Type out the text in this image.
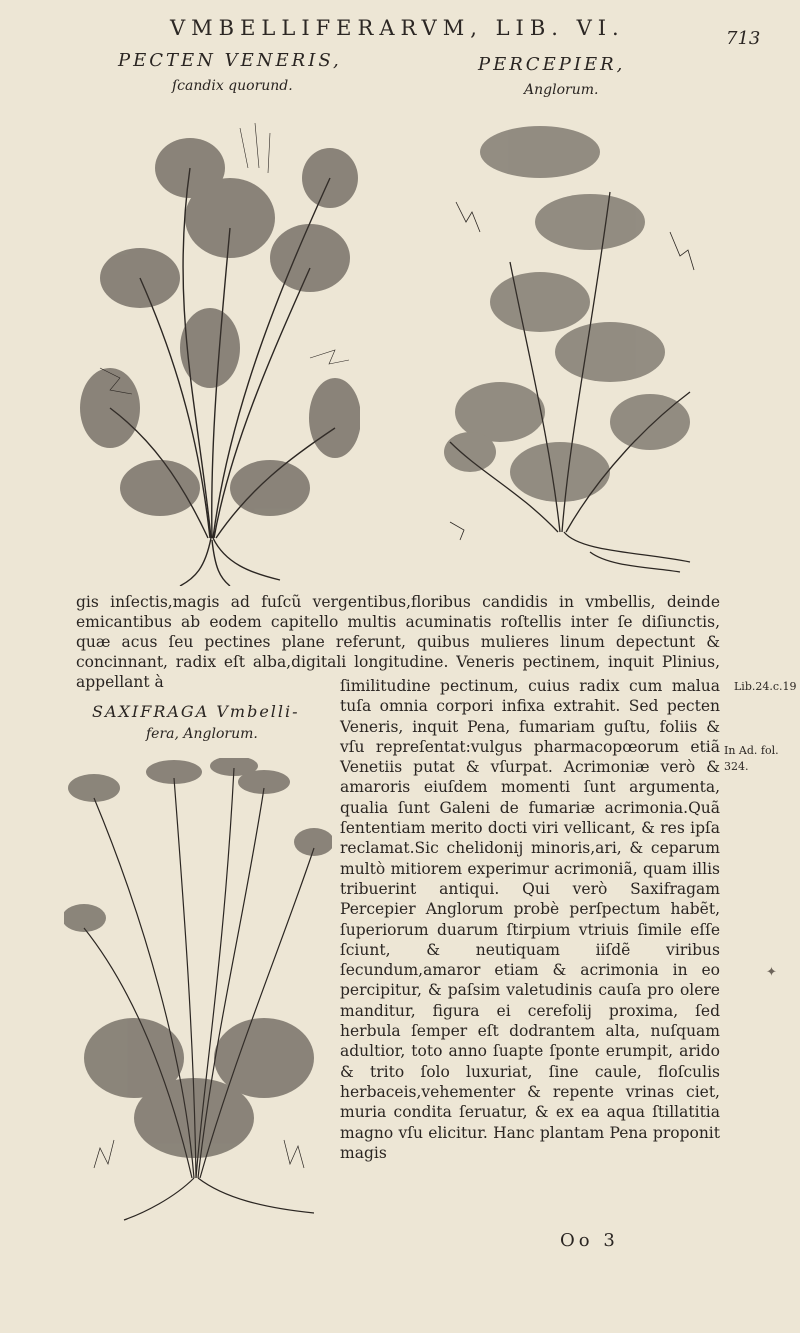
VMBELLIFERARVM, LIB. VI.	713
PECTEN VENERIS,
ſcandix quorund.
PERCEPIER,
Anglorum.

gis inſectis,magis ad fuſcũ vergentibus,floribus candidis in vmbellis, deinde emicantibus ab eodem capitello multis acuminatis roſtellis inter ſe diſiunctis, quæ acus ſeu pectines plane referunt, quibus mulieres linum depectunt & concinnant, radix eſt alba,digitali longitudine. Veneris pectinem, inquit Plinius, appellant à

SAXIFRAGA Vmbelli-
fera, Anglorum.

ſimilitudine pectinum, cuius radix cum malua tuſa omnia corpori infixa extrahit. Sed pecten Veneris, inquit Pena, fumariam guſtu, foliis & vſu repreſentat:vulgus pharmacopœorum etiã Venetiis putat & vſurpat. Acrimoniæ verò & amaroris eiuſdem momenti ſunt argumenta, qualia ſunt Galeni de fumariæ acrimonia.Quã ſententiam merito docti viri vellicant, & res ipſa reclamat.Sic chelidonij minoris,ari, & ceparum multò mitiorem experimur acrimoniã, quam illis tribuerint antiqui. Qui verò Saxifragam Percepier Anglorum probè perſpectum habẽt, ſuperiorum duarum ſtirpium vtriuis ſimile eſſe ſciunt, & neutiquam iiſdẽ viribus ſecundum,amaror etiam & acrimonia in eo percipitur, & paſsim valetudinis cauſa pro olere manditur, figura ei cerefolij proxima, ſed herbula ſemper eſt dodrantem alta, nuſquam adultior, toto anno ſuapte ſponte erumpit, arido & trito ſolo luxuriat, ſine caule, floſculis herbaceis,vehementer & repente vrinas ciet, muria condita ſeruatur, & ex ea aqua ſtillatitia magno vſu elicitur. Hanc plantam Pena proponit magis

Lib.24.c.19
In Ad. fol.
324.
✦
Oo 3
